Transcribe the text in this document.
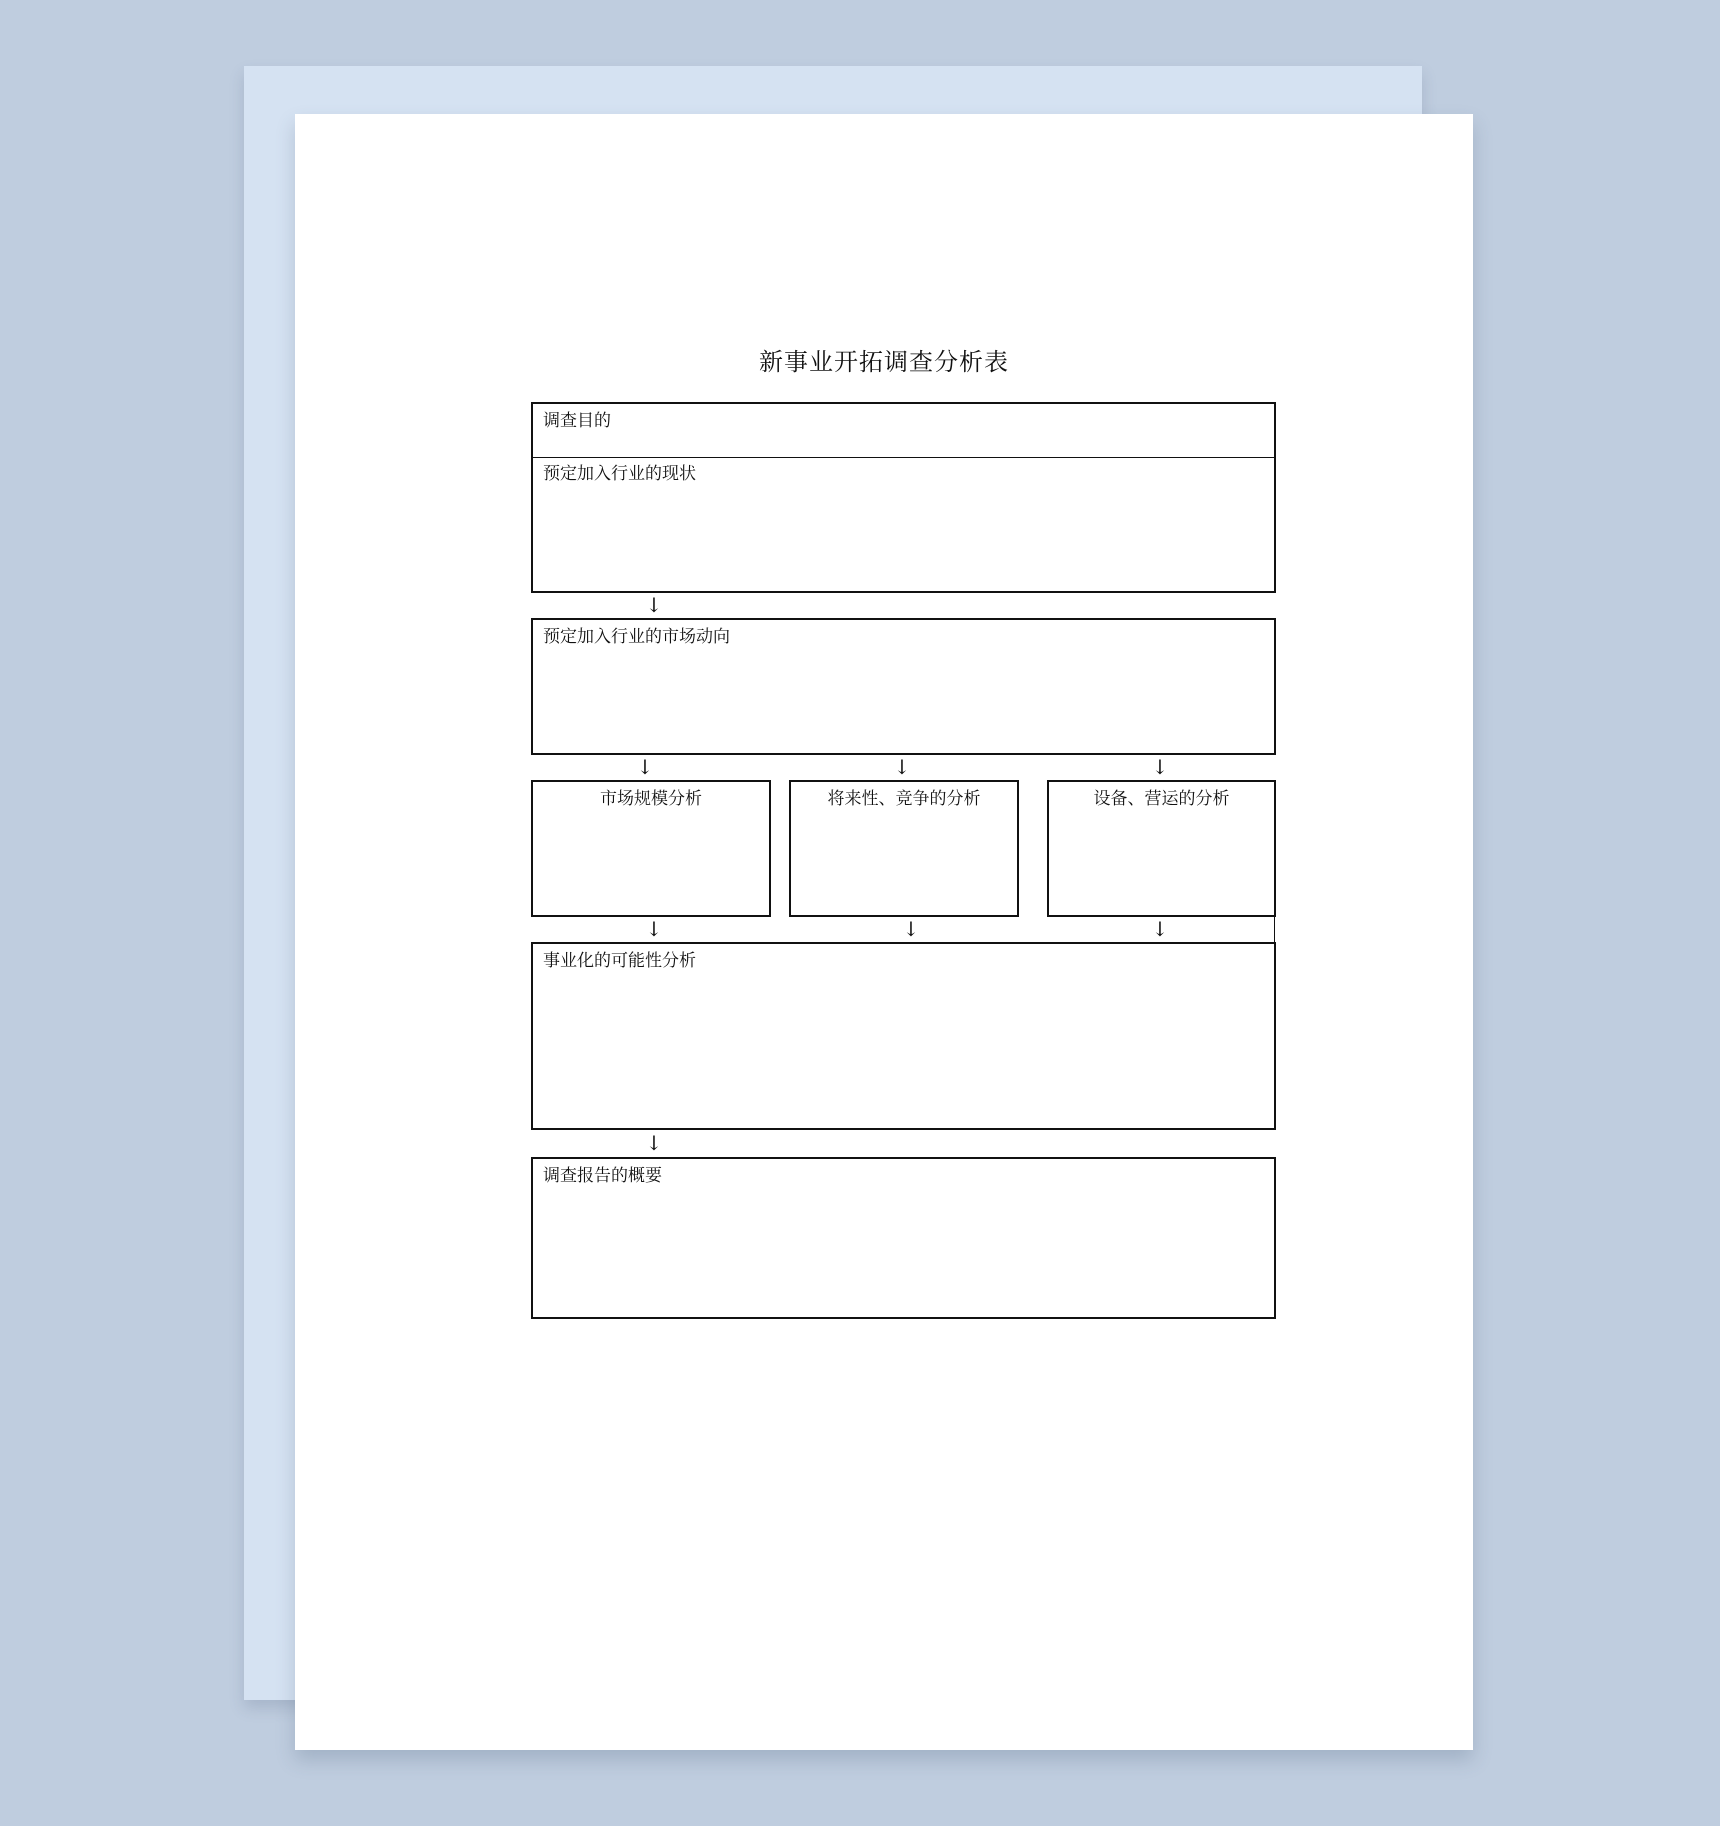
新事业开拓调查分析表
调查目的
预定加入行业的现状
↓
预定加入行业的市场动向
↓	↓	↓
市场规模分析	将来性、竞争的分析	设备、营运的分析
↓	↓	↓
事业化的可能性分析
↓
调查报告的概要
